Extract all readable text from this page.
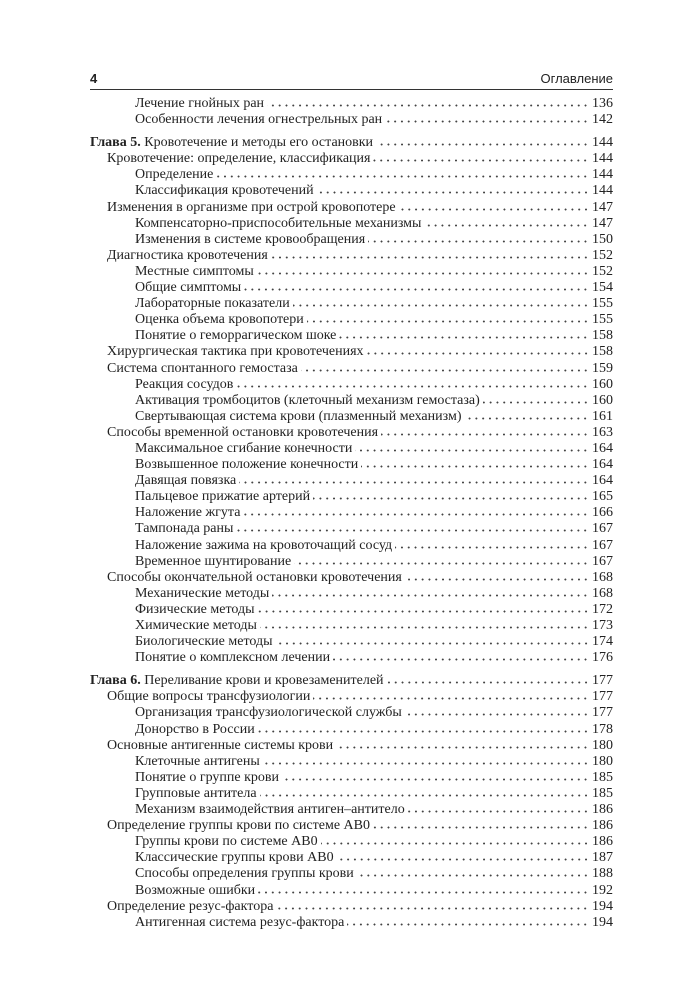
4	Оглавление
Лечение гнойных ран	136
Особенности лечения огнестрельных ран	142
Глава 5. Кровотечение и методы его остановки	144
Кровотечение: определение, классификация	144
Определение	144
Классификация кровотечений	144
Изменения в организме при острой кровопотере	147
Компенсаторно-приспособительные механизмы	147
Изменения в системе кровообращения	150
Диагностика кровотечения	152
Местные симптомы	152
Общие симптомы	154
Лабораторные показатели	155
Оценка объема кровопотери	155
Понятие о геморрагическом шоке	158
Хирургическая тактика при кровотечениях	158
Система спонтанного гемостаза	159
Реакция сосудов	160
Активация тромбоцитов (клеточный механизм гемостаза)	160
Свертывающая система крови (плазменный механизм)	161
Способы временной остановки кровотечения	163
Максимальное сгибание конечности	164
Возвышенное положение конечности	164
Давящая повязка	164
Пальцевое прижатие артерий	165
Наложение жгута	166
Тампонада раны	167
Наложение зажима на кровоточащий сосуд	167
Временное шунтирование	167
Способы окончательной остановки кровотечения	168
Механические методы	168
Физические методы	172
Химические методы	173
Биологические методы	174
Понятие о комплексном лечении	176
Глава 6. Переливание крови и кровезаменителей	177
Общие вопросы трансфузиологии	177
Организация трансфузиологической службы	177
Донорство в России	178
Основные антигенные системы крови	180
Клеточные антигены	180
Понятие о группе крови	185
Групповые антитела	185
Механизм взаимодействия антиген–антитело	186
Определение группы крови по системе АВ0	186
Группы крови по системе АВ0	186
Классические группы крови АВ0	187
Способы определения группы крови	188
Возможные ошибки	192
Определение резус-фактора	194
Антигенная система резус-фактора	194
